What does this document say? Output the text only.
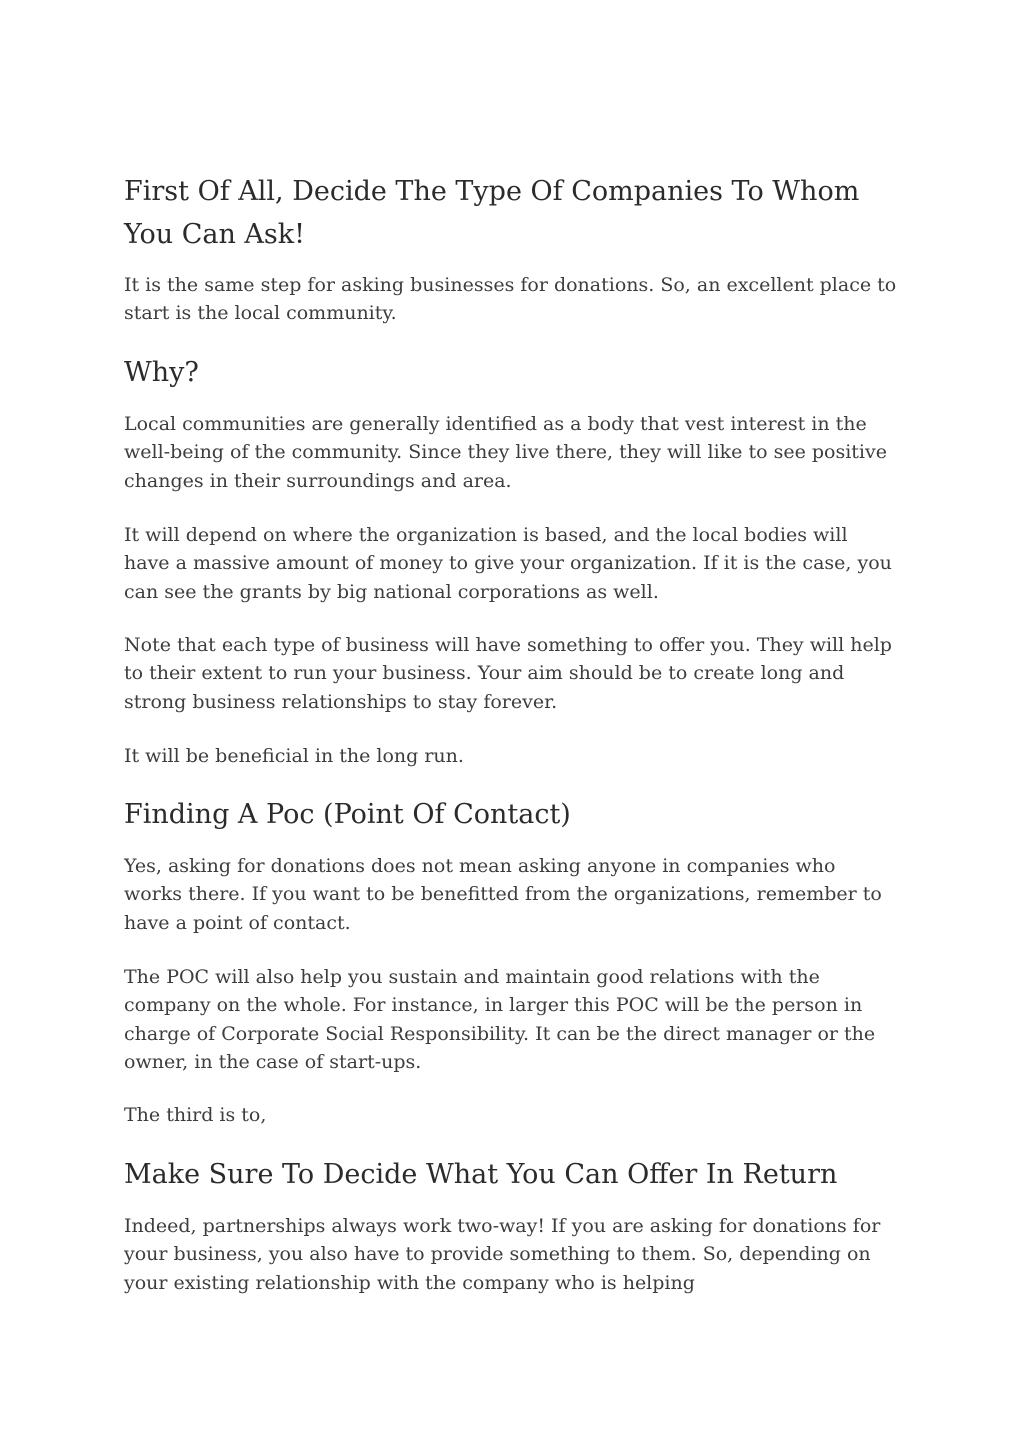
First Of All, Decide The Type Of Companies To Whom You Can Ask!

It is the same step for asking businesses for donations. So, an excellent place to start is the local community.

Why?

Local communities are generally identified as a body that vest interest in the well-being of the community. Since they live there, they will like to see positive changes in their surroundings and area.

It will depend on where the organization is based, and the local bodies will have a massive amount of money to give your organization. If it is the case, you can see the grants by big national corporations as well.

Note that each type of business will have something to offer you. They will help to their extent to run your business. Your aim should be to create long and strong business relationships to stay forever.

It will be beneficial in the long run.

Finding A Poc (Point Of Contact)

Yes, asking for donations does not mean asking anyone in companies who works there. If you want to be benefitted from the organizations, remember to have a point of contact.

The POC will also help you sustain and maintain good relations with the company on the whole. For instance, in larger this POC will be the person in charge of Corporate Social Responsibility. It can be the direct manager or the owner, in the case of start-ups.

The third is to,

Make Sure To Decide What You Can Offer In Return

Indeed, partnerships always work two-way! If you are asking for donations for your business, you also have to provide something to them. So, depending on your existing relationship with the company who is helping
